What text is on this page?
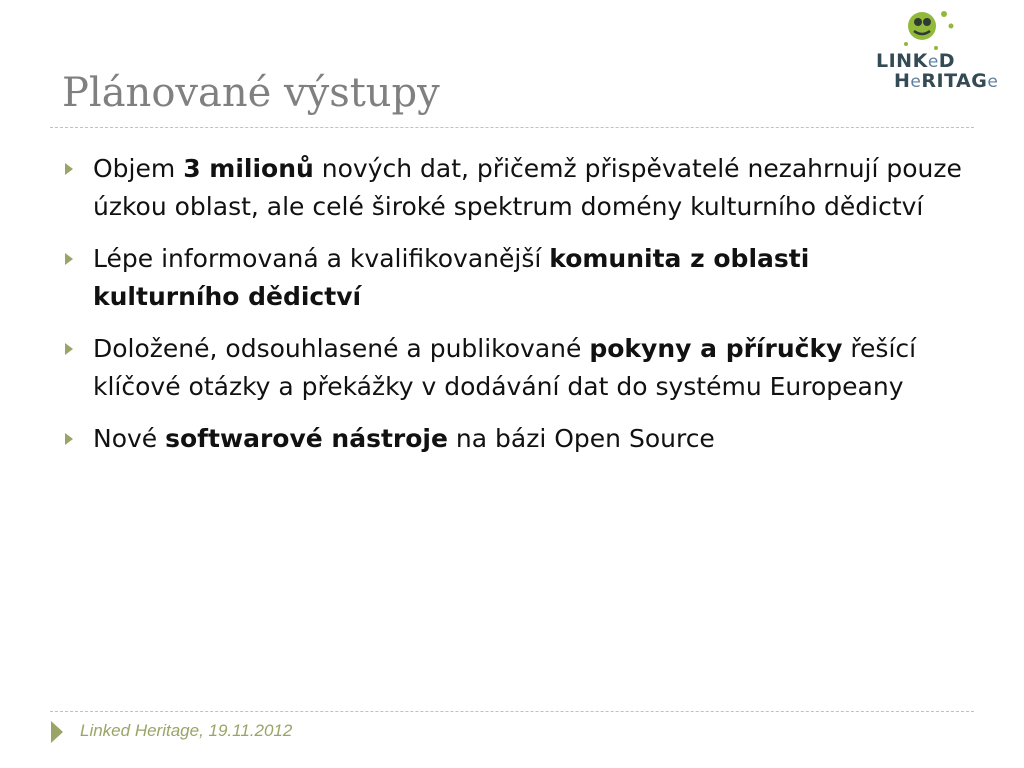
Plánované výstupy
LINKeD
HeRITAGe
Objem 3 milionů nových dat, přičemž přispěvatelé nezahrnují pouze úzkou oblast, ale celé široké spektrum domény kulturního dědictví
Lépe informovaná a kvalifikovanější komunita z oblasti kulturního dědictví
Doložené, odsouhlasené a publikované pokyny a příručky řešící klíčové otázky a překážky v dodávání dat do systému Europeany
Nové softwarové nástroje na bázi Open Source
Linked Heritage, 19.11.2012
